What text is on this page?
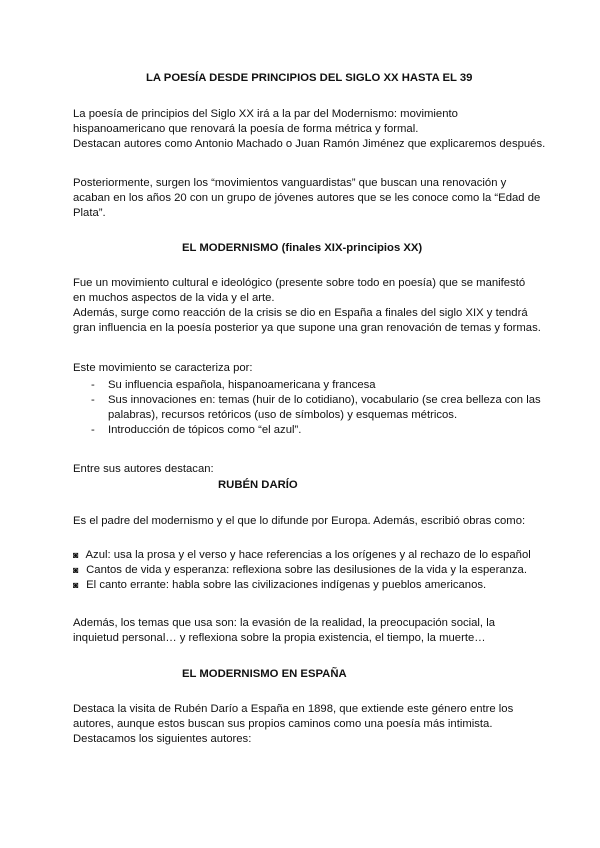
LA POESÍA DESDE PRINCIPIOS DEL SIGLO XX HASTA EL 39
La poesía de principios del Siglo XX irá a la par del Modernismo: movimiento
hispanoamericano que renovará la poesía de forma métrica y formal.
Destacan autores como Antonio Machado o Juan Ramón Jiménez que explicaremos después.
Posteriormente, surgen los “movimientos vanguardistas” que buscan una renovación y
acaban en los años 20 con un grupo de jóvenes autores que se les conoce como la “Edad de
Plata”.
EL MODERNISMO (finales XIX-principios XX)
Fue un movimiento cultural e ideológico (presente sobre todo en poesía) que se manifestó
en muchos aspectos de la vida y el arte.
Además, surge como reacción de la crisis se dio en España a finales del siglo XIX y tendrá
gran influencia en la poesía posterior ya que supone una gran renovación de temas y formas.
Este movimiento se caracteriza por:
- Su influencia española, hispanoamericana y francesa
- Sus innovaciones en: temas (huir de lo cotidiano), vocabulario (se crea belleza con las palabras), recursos retóricos (uso de símbolos) y esquemas métricos.
- Introducción de tópicos como “el azul”.
Entre sus autores destacan:
RUBÉN DARÍO
Es el padre del modernismo y el que lo difunde por Europa. Además, escribió obras como:
◙ Azul: usa la prosa y el verso y hace referencias a los orígenes y al rechazo de lo español
◙ Cantos de vida y esperanza: reflexiona sobre las desilusiones de la vida y la esperanza.
◙ El canto errante: habla sobre las civilizaciones indígenas y pueblos americanos.
Además, los temas que usa son: la evasión de la realidad, la preocupación social, la
inquietud personal… y reflexiona sobre la propia existencia, el tiempo, la muerte…
EL MODERNISMO EN ESPAÑA
Destaca la visita de Rubén Darío a España en 1898, que extiende este género entre los
autores, aunque estos buscan sus propios caminos como una poesía más intimista.
Destacamos los siguientes autores:
